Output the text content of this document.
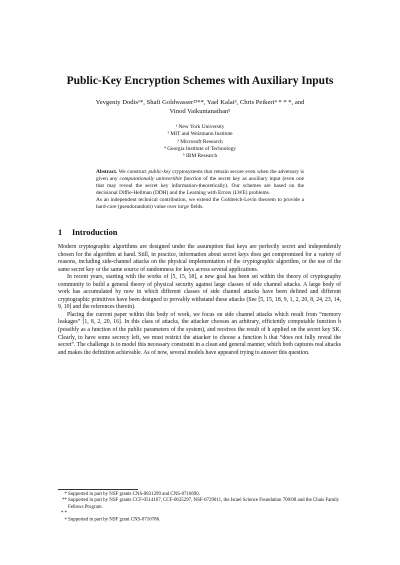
Public-Key Encryption Schemes with Auxiliary Inputs
Yevgeniy Dodis¹*, Shafi Goldwasser²³**, Yael Kalai³, Chris Peikert⁴ * * *, and
Vinod Vaikuntanathan⁵
¹ New York University
² MIT and Weizmann Institute
³ Microsoft Research
⁴ Georgia Institute of Technology
⁵ IBM Research

Abstract. We construct public-key cryptosystems that remain secure even when the adversary is given any computationally uninvertible function of the secret key as auxiliary input (even one that may reveal the secret key information-theoretically). Our schemes are based on the decisional Diffie-Hellman (DDH) and the Learning with Errors (LWE) problems.

As an independent technical contribution, we extend the Goldreich-Levin theorem to provide a hard-core (pseudorandom) value over large fields.

1 Introduction

Modern cryptographic algorithms are designed under the assumption that keys are perfectly secret and independently chosen for the algorithm at hand. Still, in practice, information about secret keys does get compromised for a variety of reasons, including side-channel attacks on the physical implementation of the cryptographic algorithm, or the use of the same secret key or the same source of randomness for keys across several applications.

In recent years, starting with the works of [5, 15, 18], a new goal has been set within the theory of cryptography community to build a general theory of physical security against large classes of side channel attacks. A large body of work has accumulated by now in which different classes of side channel attacks have been defined and different cryptographic primitives have been designed to provably withstand these attacks (See [5, 15, 18, 9, 1, 2, 20, 8, 24, 23, 14, 9, 10] and the references therein).

Placing the current paper within this body of work, we focus on side channel attacks which result from “memory leakages” [1, 8, 2, 20, 16]. In this class of attacks, the attacker chooses an arbitrary, efficiently computable function h (possibly as a function of the public parameters of the system), and receives the result of h applied on the secret key SK. Clearly, to have some secrecy left, we must restrict the attacker to choose a function h that “does not fully reveal the secret”. The challenge is to model this necessary constraint in a clean and general manner, which both captures real attacks and makes the definition achievable. As of now, several models have appeared trying to answer this question.

*Supported in part by NSF grants CNS-0831299 and CNS-0716690.
**Supported in part by NSF grants CCF-0514167, CCF-0635297, NSF-0729011, the Israel Science Foundation 700/08 and the Chais Family Fellows Program.
* * *Supported in part by NSF grant CNS-0716786.
